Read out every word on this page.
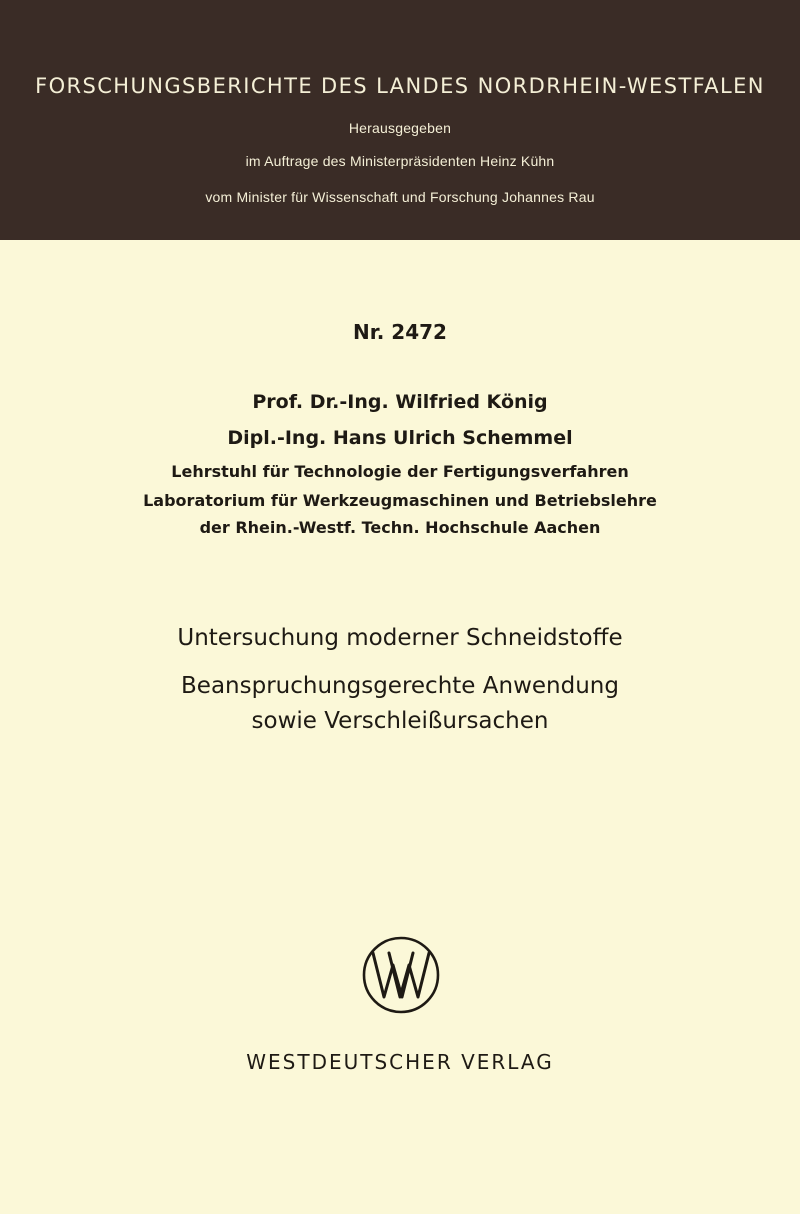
FORSCHUNGSBERICHTE DES LANDES NORDRHEIN-WESTFALEN
Herausgegeben
im Auftrage des Ministerpräsidenten Heinz Kühn
vom Minister für Wissenschaft und Forschung Johannes Rau
Nr. 2472
Prof. Dr.-Ing. Wilfried König
Dipl.-Ing. Hans Ulrich Schemmel
Lehrstuhl für Technologie der Fertigungsverfahren
Laboratorium für Werkzeugmaschinen und Betriebslehre
der Rhein.-Westf. Techn. Hochschule Aachen
Untersuchung moderner Schneidstoffe
Beanspruchungsgerechte Anwendung
sowie Verschleißursachen
WESTDEUTSCHER VERLAG
